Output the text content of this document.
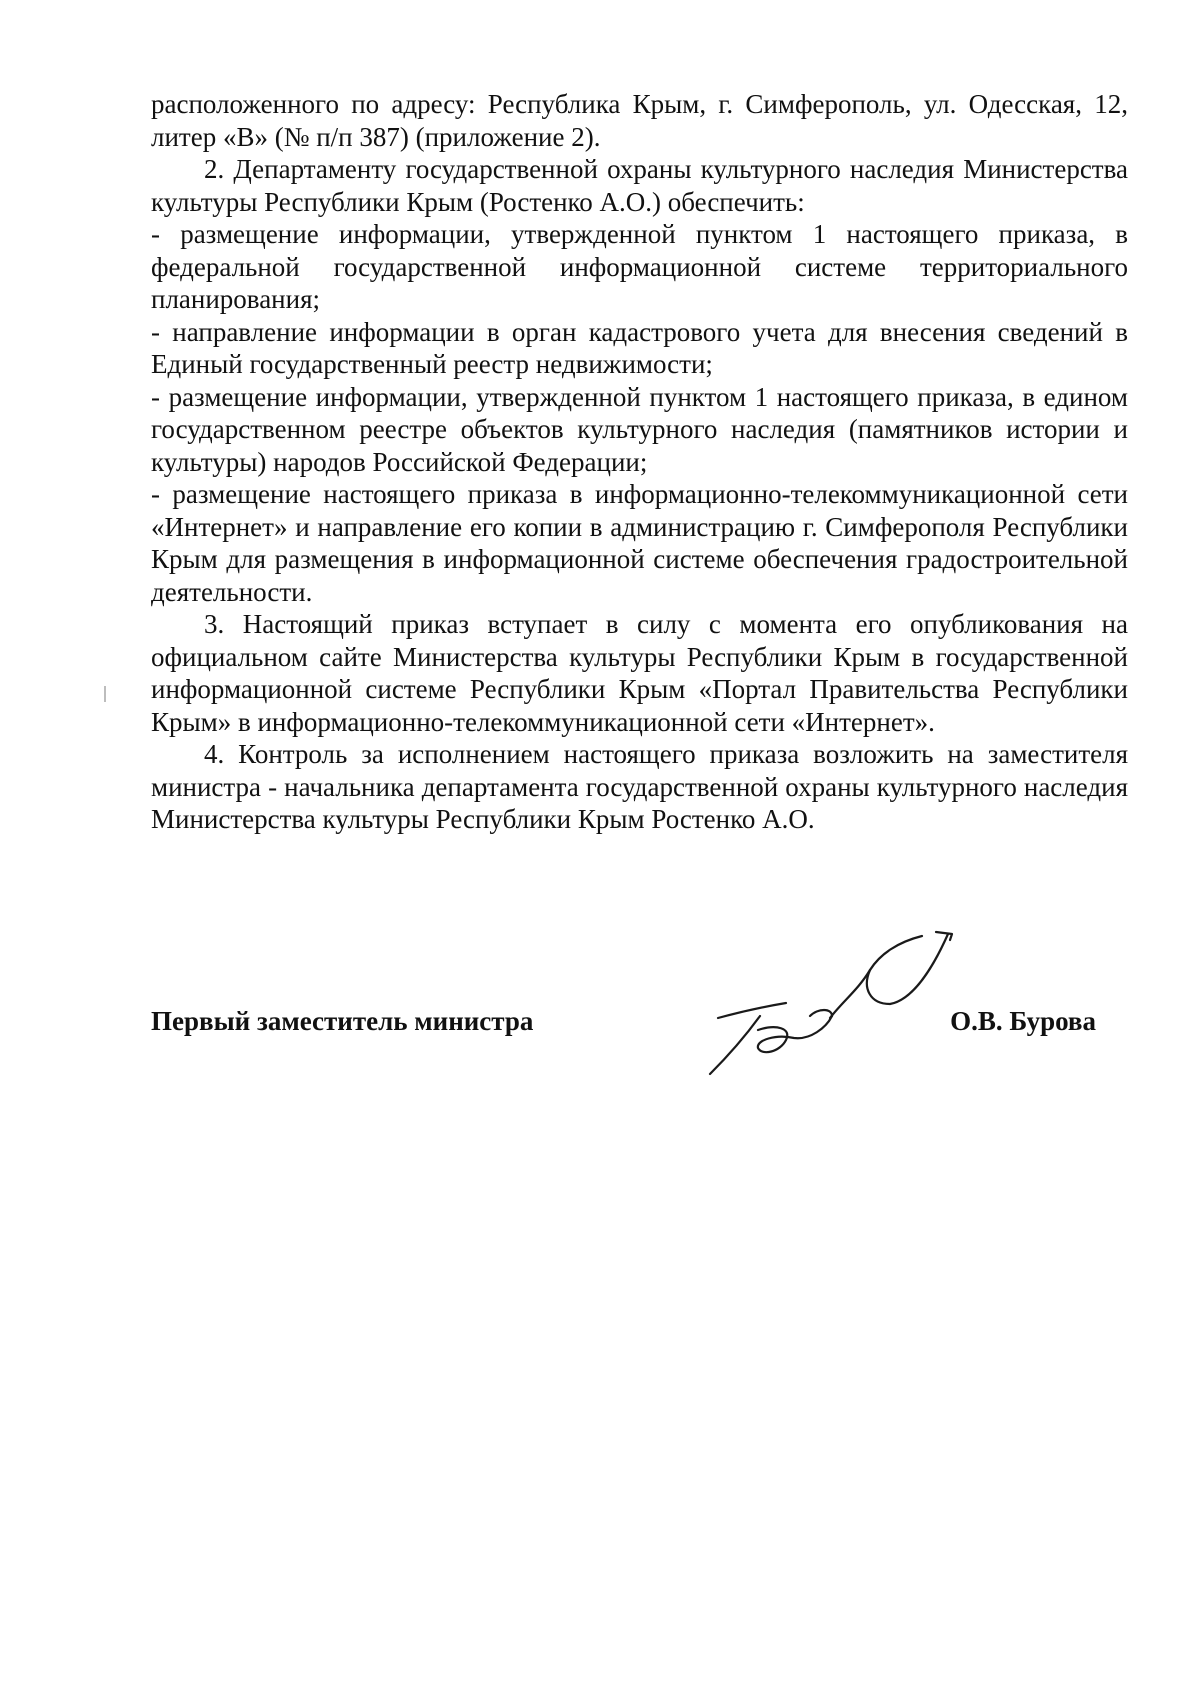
расположенного по адресу: Республика Крым, г. Симферополь, ул. Одесская, 12, литер «В» (№ п/п 387) (приложение 2).

2. Департаменту государственной охраны культурного наследия Министерства культуры Республики Крым (Ростенко А.О.) обеспечить:

- размещение информации, утвержденной пунктом 1 настоящего приказа, в федеральной государственной информационной системе территориального планирования;

- направление информации в орган кадастрового учета для внесения сведений в Единый государственный реестр недвижимости;

- размещение информации, утвержденной пунктом 1 настоящего приказа, в едином государственном реестре объектов культурного наследия (памятников истории и культуры) народов Российской Федерации;

- размещение настоящего приказа в информационно-телекоммуникационной сети «Интернет» и направление его копии в администрацию г. Симферополя Республики Крым для размещения в информационной системе обеспечения градостроительной деятельности.

3. Настоящий приказ вступает в силу с момента его опубликования на официальном сайте Министерства культуры Республики Крым в государственной информационной системе Республики Крым «Портал Правительства Республики Крым» в информационно-телекоммуникационной сети «Интернет».

4. Контроль за исполнением настоящего приказа возложить на заместителя министра - начальника департамента государственной охраны культурного наследия Министерства культуры Республики Крым Ростенко А.О.

Первый заместитель министра	О.В. Бурова
